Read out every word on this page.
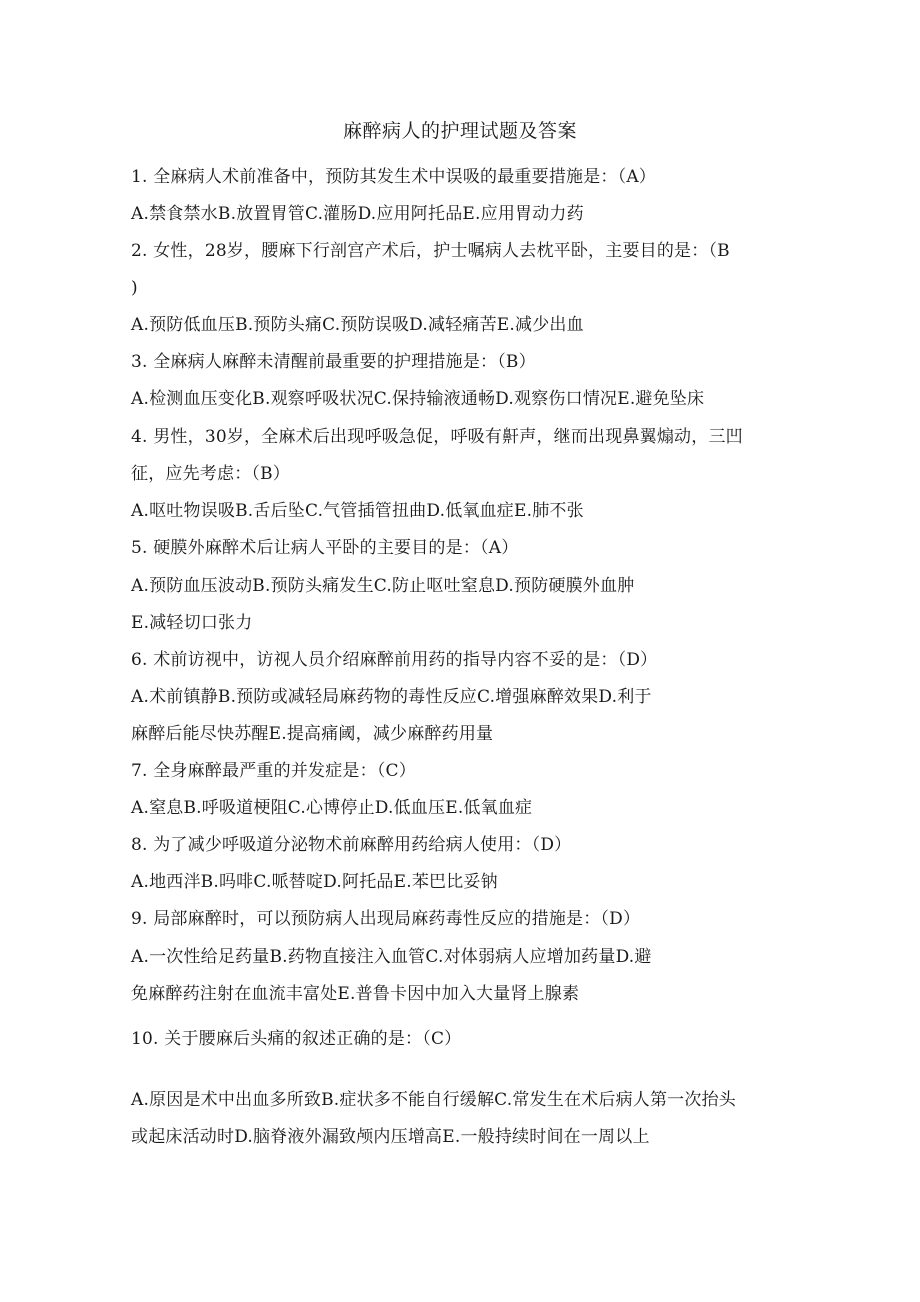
麻醉病人的护理试题及答案
1. 全麻病人术前准备中，预防其发生术中误吸的最重要措施是：（A）
A.禁食禁水B.放置胃管C.灌肠D.应用阿托品E.应用胃动力药
2. 女性，28岁，腰麻下行剖宫产术后，护士嘱病人去枕平卧，主要目的是：（B
)
A.预防低血压B.预防头痛C.预防误吸D.减轻痛苦E.减少出血
3. 全麻病人麻醉未清醒前最重要的护理措施是：（B）
A.检测血压变化B.观察呼吸状况C.保持输液通畅D.观察伤口情况E.避免坠床
4. 男性，30岁，全麻术后出现呼吸急促，呼吸有鼾声，继而出现鼻翼煽动，三凹
征，应先考虑：（B）
A.呕吐物误吸B.舌后坠C.气管插管扭曲D.低氧血症E.肺不张
5. 硬膜外麻醉术后让病人平卧的主要目的是：（A）
A.预防血压波动B.预防头痛发生C.防止呕吐窒息D.预防硬膜外血肿
E.减轻切口张力
6. 术前访视中，访视人员介绍麻醉前用药的指导内容不妥的是：（D）
A.术前镇静B.预防或减轻局麻药物的毒性反应C.增强麻醉效果D.利于
麻醉后能尽快苏醒E.提高痛阈，减少麻醉药用量
7. 全身麻醉最严重的并发症是：（C）
A.窒息B.呼吸道梗阻C.心博停止D.低血压E.低氧血症
8. 为了减少呼吸道分泌物术前麻醉用药给病人使用：（D）
A.地西泮B.吗啡C.哌替啶D.阿托品E.苯巴比妥钠
9. 局部麻醉时，可以预防病人出现局麻药毒性反应的措施是：（D）
A.一次性给足药量B.药物直接注入血管C.对体弱病人应增加药量D.避
免麻醉药注射在血流丰富处E.普鲁卡因中加入大量肾上腺素
10. 关于腰麻后头痛的叙述正确的是：（C）
A.原因是术中出血多所致B.症状多不能自行缓解C.常发生在术后病人第一次抬头
或起床活动时D.脑脊液外漏致颅内压增高E.一般持续时间在一周以上
